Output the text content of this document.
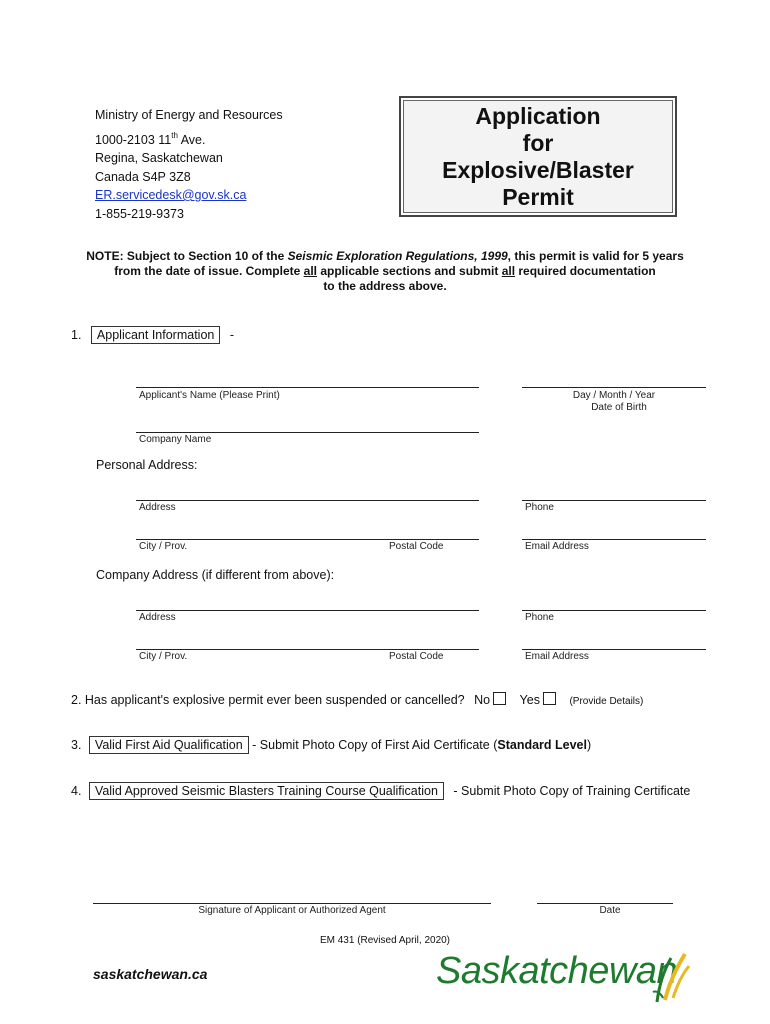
Ministry of Energy and Resources
1000-2103 11th Ave.
Regina, Saskatchewan
Canada S4P 3Z8
ER.servicedesk@gov.sk.ca
1-855-219-9373
Application
for
Explosive/Blaster
Permit
NOTE: Subject to Section 10 of the Seismic Exploration Regulations, 1999, this permit is valid for 5 years
from the date of issue. Complete all applicable sections and submit all required documentation
to the address above.
1. Applicant Information -
Applicant's Name (Please Print)	Day / Month / Year
Date of Birth
Company Name
Personal Address:
Address	Phone
City / Prov.	Postal Code	Email Address
Company Address (if different from above):
Address	Phone
City / Prov.	Postal Code	Email Address
2. Has applicant's explosive permit ever been suspended or cancelled? No Yes	(Provide Details)
3. Valid First Aid Qualification - Submit Photo Copy of First Aid Certificate (Standard Level)
4. Valid Approved Seismic Blasters Training Course Qualification - Submit Photo Copy of Training Certificate
Signature of Applicant or Authorized Agent	Date
EM 431 (Revised April, 2020)
saskatchewan.ca	Saskatchewan
